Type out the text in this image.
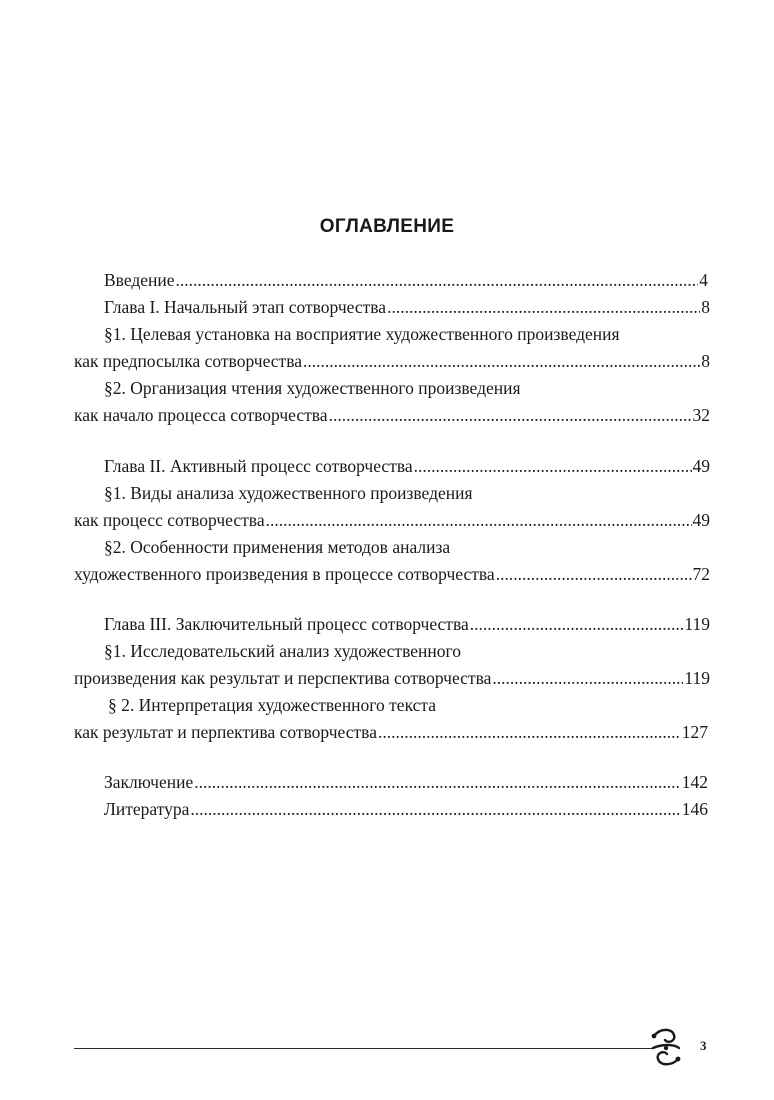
ОГЛАВЛЕНИЕ
Введение .....	4
Глава I. Начальный этап сотворчества .....	8
§1. Целевая установка на восприятие художественного произведения
как предпосылка сотворчества .....	8
§2. Организация чтения художественного произведения
как начало процесса сотворчества .....	32
Глава II. Активный процесс сотворчества .....	49
§1. Виды анализа художественного произведения
как процесс сотворчества .....	49
§2. Особенности применения методов анализа
художественного произведения в процессе сотворчества .....	72
Глава III. Заключительный процесс сотворчества .....	119
§1. Исследовательский анализ художественного
произведения как результат и перспектива сотворчества .....	119
§ 2. Интерпретация художественного текста
как результат и перпектива сотворчества .....	127
Заключение .....	142
Литература .....	146
3
